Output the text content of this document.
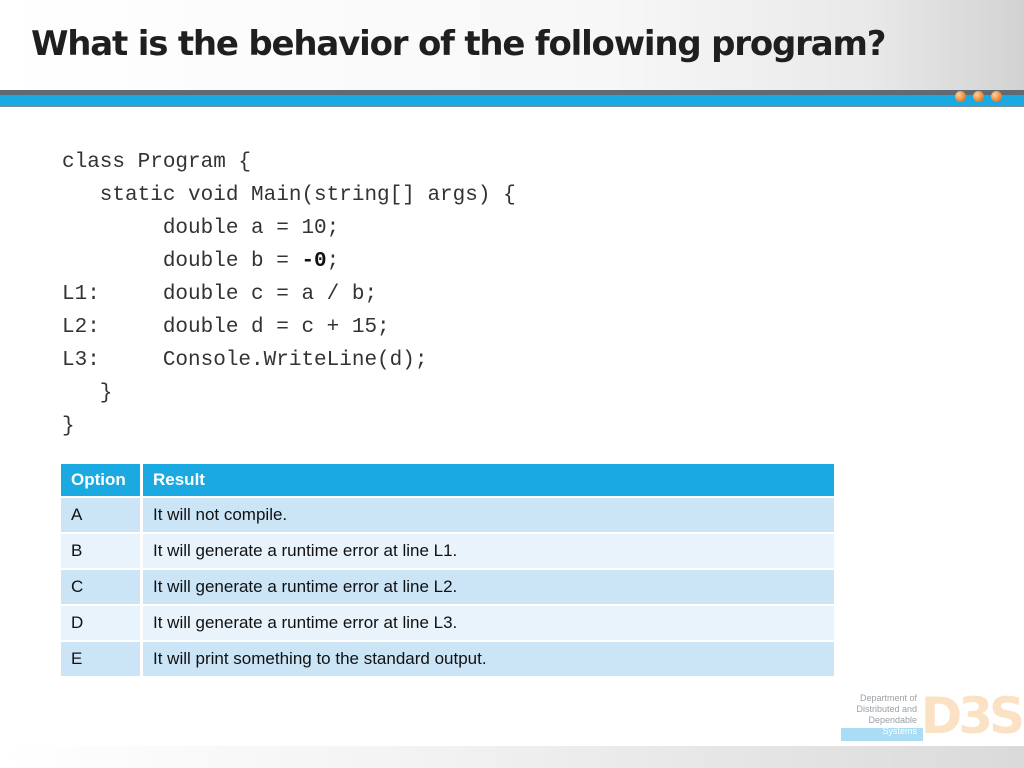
What is the behavior of the following program?
class Program {
static void Main(string[] args) {
double a = 10;
double b = -0;
L1:     double c = a / b;
L2:     double d = c + 15;
L3:     Console.WriteLine(d);
}
}
Option	Result
A	It will not compile.
B	It will generate a runtime error at line L1.
C	It will generate a runtime error at line L2.
D	It will generate a runtime error at line L3.
E	It will print something to the standard output.
Department of
Distributed and
Dependable
Systems D3S
